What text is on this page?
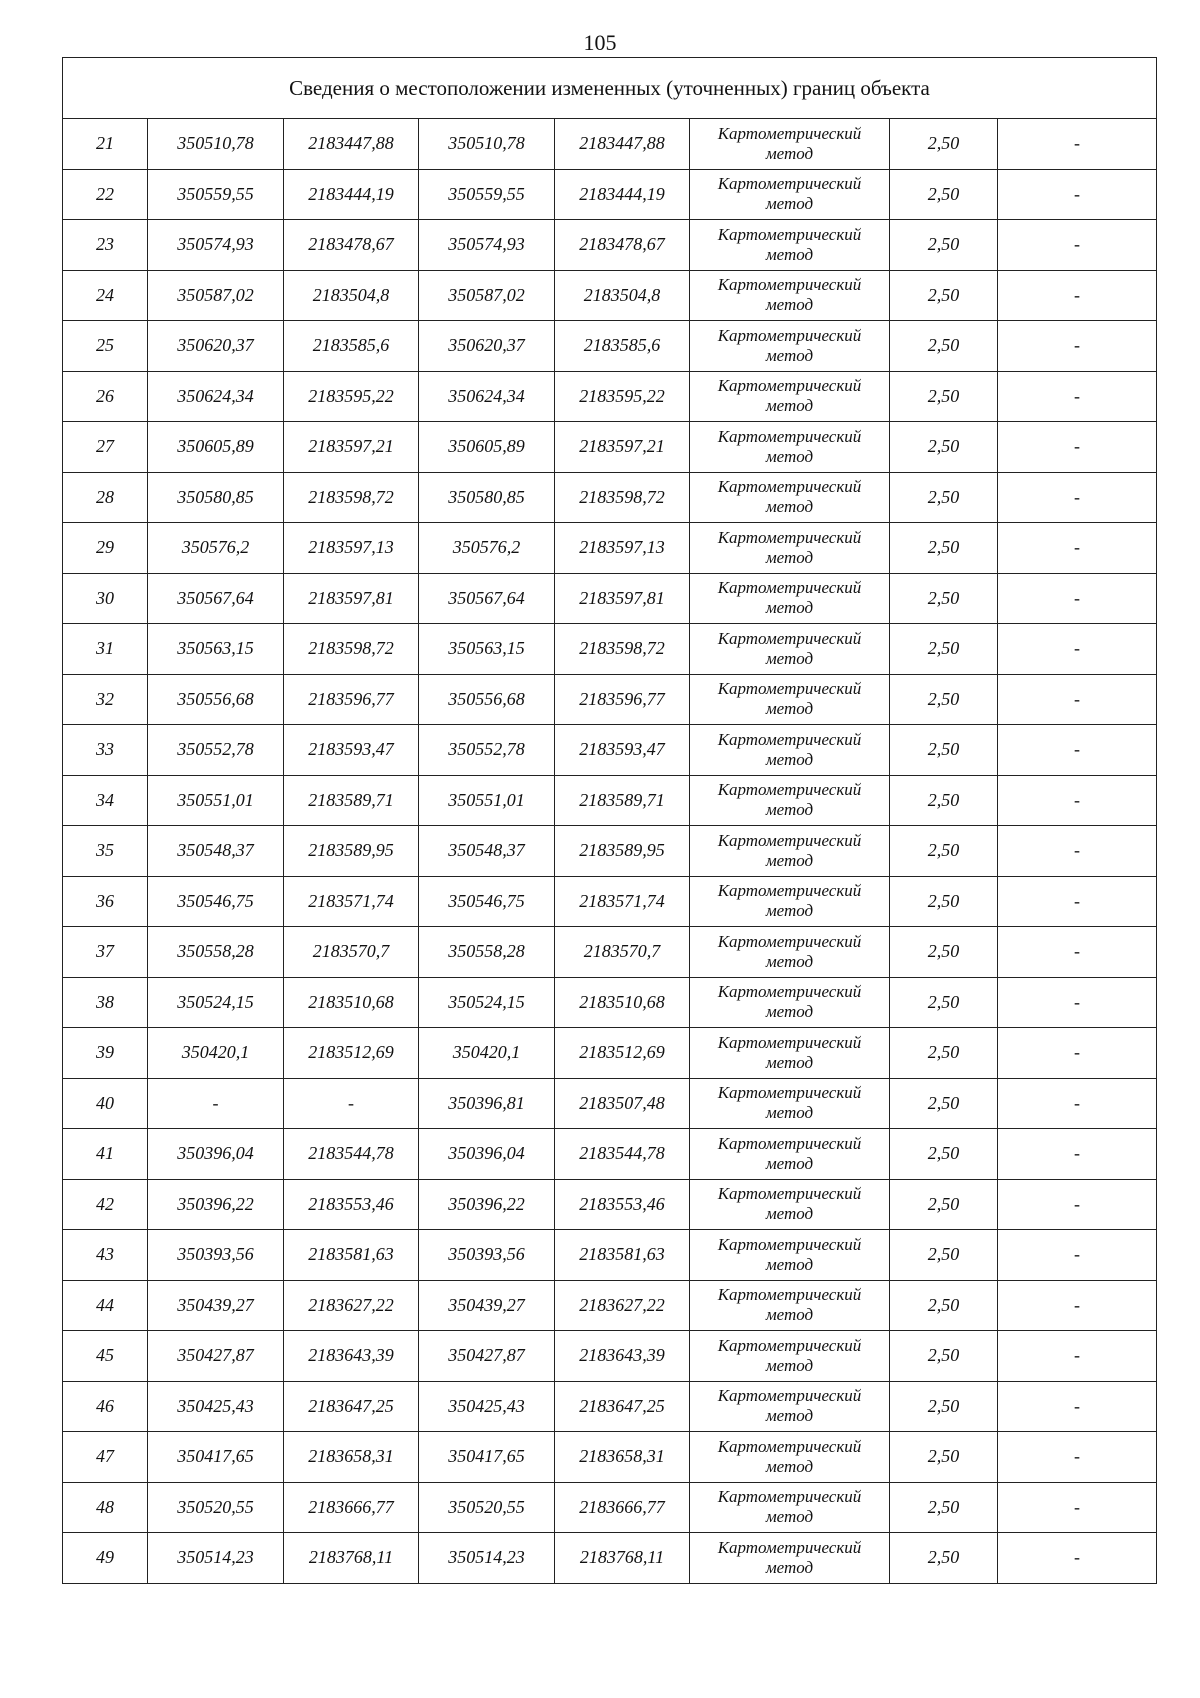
105
Сведения о местоположении измененных (уточненных) границ объекта							
21	350510,78	2183447,88	350510,78	2183447,88	Картометрический
метод	2,50	-
22	350559,55	2183444,19	350559,55	2183444,19	Картометрический
метод	2,50	-
23	350574,93	2183478,67	350574,93	2183478,67	Картометрический
метод	2,50	-
24	350587,02	2183504,8	350587,02	2183504,8	Картометрический
метод	2,50	-
25	350620,37	2183585,6	350620,37	2183585,6	Картометрический
метод	2,50	-
26	350624,34	2183595,22	350624,34	2183595,22	Картометрический
метод	2,50	-
27	350605,89	2183597,21	350605,89	2183597,21	Картометрический
метод	2,50	-
28	350580,85	2183598,72	350580,85	2183598,72	Картометрический
метод	2,50	-
29	350576,2	2183597,13	350576,2	2183597,13	Картометрический
метод	2,50	-
30	350567,64	2183597,81	350567,64	2183597,81	Картометрический
метод	2,50	-
31	350563,15	2183598,72	350563,15	2183598,72	Картометрический
метод	2,50	-
32	350556,68	2183596,77	350556,68	2183596,77	Картометрический
метод	2,50	-
33	350552,78	2183593,47	350552,78	2183593,47	Картометрический
метод	2,50	-
34	350551,01	2183589,71	350551,01	2183589,71	Картометрический
метод	2,50	-
35	350548,37	2183589,95	350548,37	2183589,95	Картометрический
метод	2,50	-
36	350546,75	2183571,74	350546,75	2183571,74	Картометрический
метод	2,50	-
37	350558,28	2183570,7	350558,28	2183570,7	Картометрический
метод	2,50	-
38	350524,15	2183510,68	350524,15	2183510,68	Картометрический
метод	2,50	-
39	350420,1	2183512,69	350420,1	2183512,69	Картометрический
метод	2,50	-
40	-	-	350396,81	2183507,48	Картометрический
метод	2,50	-
41	350396,04	2183544,78	350396,04	2183544,78	Картометрический
метод	2,50	-
42	350396,22	2183553,46	350396,22	2183553,46	Картометрический
метод	2,50	-
43	350393,56	2183581,63	350393,56	2183581,63	Картометрический
метод	2,50	-
44	350439,27	2183627,22	350439,27	2183627,22	Картометрический
метод	2,50	-
45	350427,87	2183643,39	350427,87	2183643,39	Картометрический
метод	2,50	-
46	350425,43	2183647,25	350425,43	2183647,25	Картометрический
метод	2,50	-
47	350417,65	2183658,31	350417,65	2183658,31	Картометрический
метод	2,50	-
48	350520,55	2183666,77	350520,55	2183666,77	Картометрический
метод	2,50	-
49	350514,23	2183768,11	350514,23	2183768,11	Картометрический
метод	2,50	-
